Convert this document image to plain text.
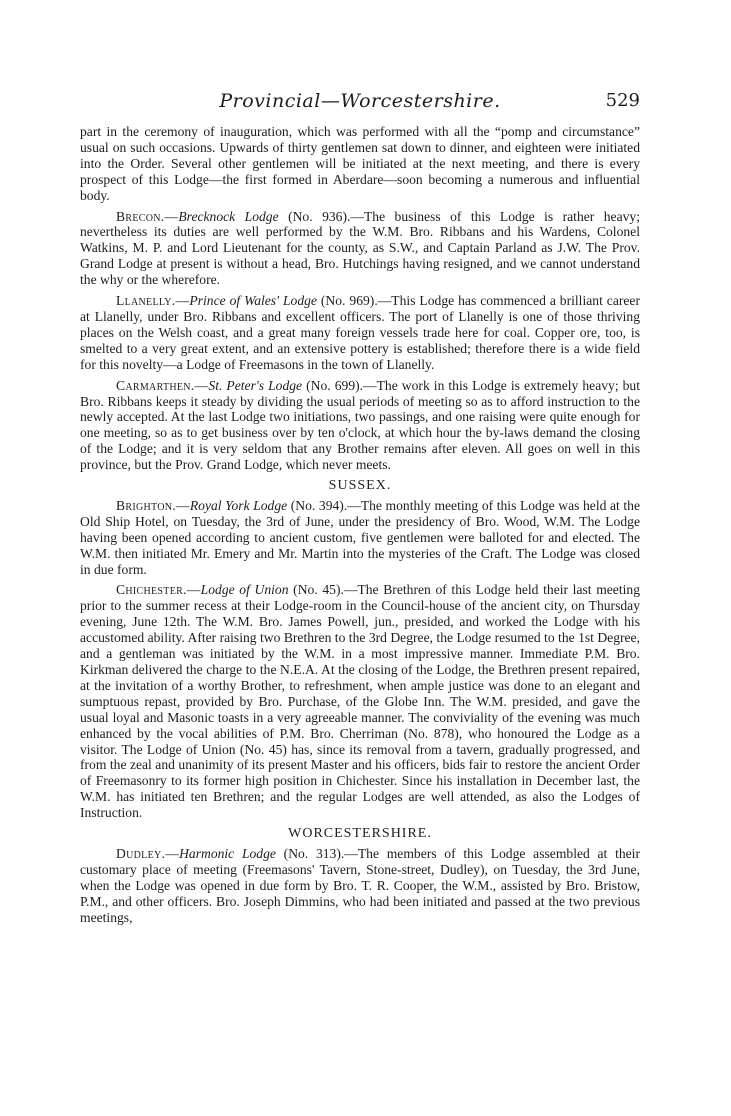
Provincial—Worcestershire.	529

part in the ceremony of inauguration, which was performed with all the “pomp and circumstance” usual on such occasions. Upwards of thirty gentlemen sat down to dinner, and eighteen were initiated into the Order. Several other gentlemen will be initiated at the next meeting, and there is every prospect of this Lodge—the first formed in Aberdare—soon becoming a numerous and influential body.

Brecon.—Brecknock Lodge (No. 936).—The business of this Lodge is rather heavy; nevertheless its duties are well performed by the W.M. Bro. Ribbans and his Wardens, Colonel Watkins, M. P. and Lord Lieutenant for the county, as S.W., and Captain Parland as J.W. The Prov. Grand Lodge at present is without a head, Bro. Hutchings having resigned, and we cannot understand the why or the wherefore.

Llanelly.—Prince of Wales' Lodge (No. 969).—This Lodge has commenced a brilliant career at Llanelly, under Bro. Ribbans and excellent officers. The port of Llanelly is one of those thriving places on the Welsh coast, and a great many foreign vessels trade here for coal. Copper ore, too, is smelted to a very great extent, and an extensive pottery is established; therefore there is a wide field for this novelty—a Lodge of Freemasons in the town of Llanelly.

Carmarthen.—St. Peter's Lodge (No. 699).—The work in this Lodge is extremely heavy; but Bro. Ribbans keeps it steady by dividing the usual periods of meeting so as to afford instruction to the newly accepted. At the last Lodge two initiations, two passings, and one raising were quite enough for one meeting, so as to get business over by ten o'clock, at which hour the by-laws demand the closing of the Lodge; and it is very seldom that any Brother remains after eleven. All goes on well in this province, but the Prov. Grand Lodge, which never meets.

SUSSEX.

Brighton.—Royal York Lodge (No. 394).—The monthly meeting of this Lodge was held at the Old Ship Hotel, on Tuesday, the 3rd of June, under the presidency of Bro. Wood, W.M. The Lodge having been opened according to ancient custom, five gentlemen were balloted for and elected. The W.M. then initiated Mr. Emery and Mr. Martin into the mysteries of the Craft. The Lodge was closed in due form.

Chichester.—Lodge of Union (No. 45).—The Brethren of this Lodge held their last meeting prior to the summer recess at their Lodge-room in the Council-house of the ancient city, on Thursday evening, June 12th. The W.M. Bro. James Powell, jun., presided, and worked the Lodge with his accustomed ability. After raising two Brethren to the 3rd Degree, the Lodge resumed to the 1st Degree, and a gentleman was initiated by the W.M. in a most impressive manner. Immediate P.M. Bro. Kirkman delivered the charge to the N.E.A. At the closing of the Lodge, the Brethren present repaired, at the invitation of a worthy Brother, to refreshment, when ample justice was done to an elegant and sumptuous repast, provided by Bro. Purchase, of the Globe Inn. The W.M. presided, and gave the usual loyal and Masonic toasts in a very agreeable manner. The conviviality of the evening was much enhanced by the vocal abilities of P.M. Bro. Cherriman (No. 878), who honoured the Lodge as a visitor. The Lodge of Union (No. 45) has, since its removal from a tavern, gradually progressed, and from the zeal and unanimity of its present Master and his officers, bids fair to restore the ancient Order of Freemasonry to its former high position in Chichester. Since his installation in December last, the W.M. has initiated ten Brethren; and the regular Lodges are well attended, as also the Lodges of Instruction.

WORCESTERSHIRE.

Dudley.—Harmonic Lodge (No. 313).—The members of this Lodge assembled at their customary place of meeting (Freemasons' Tavern, Stone-street, Dudley), on Tuesday, the 3rd June, when the Lodge was opened in due form by Bro. T. R. Cooper, the W.M., assisted by Bro. Bristow, P.M., and other officers. Bro. Joseph Dimmins, who had been initiated and passed at the two previous meetings,
